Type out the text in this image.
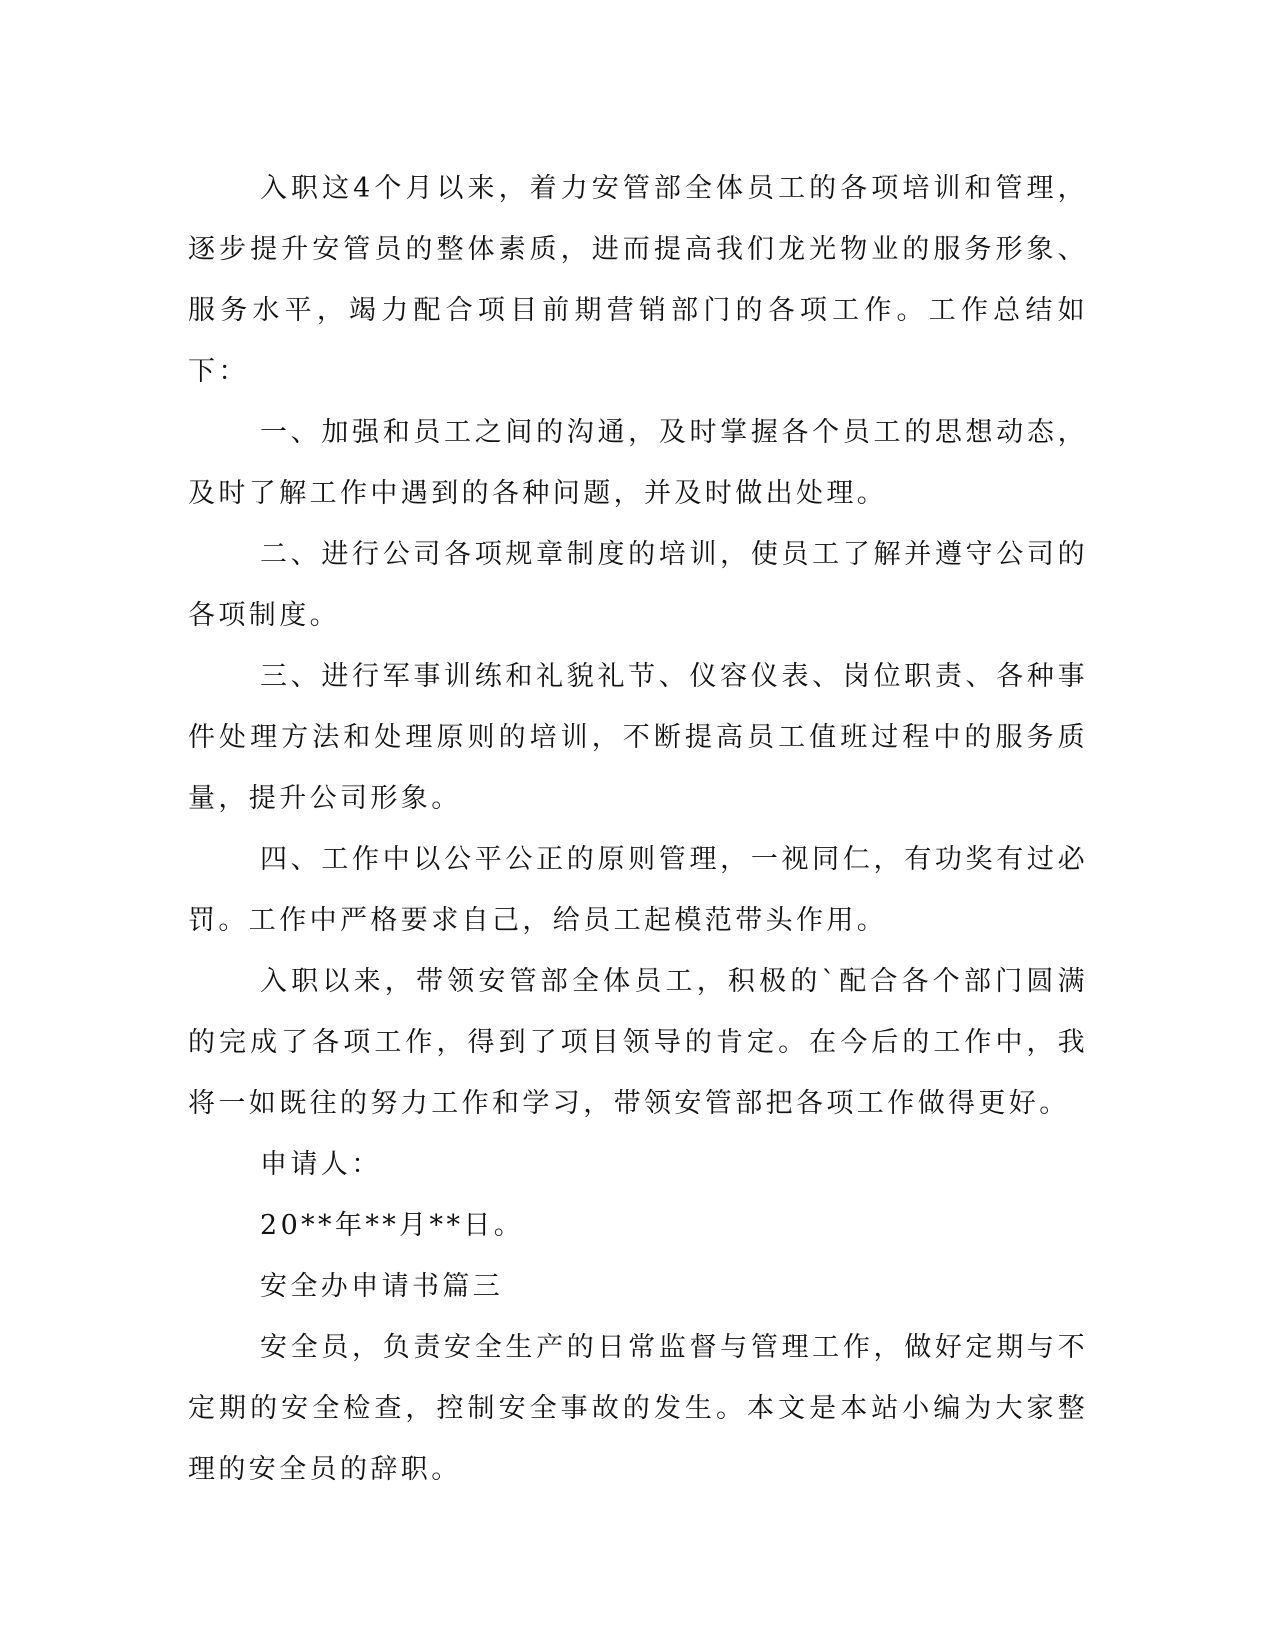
入职这4个月以来，着力安管部全体员工的各项培训和管理，逐步提升安管员的整体素质，进而提高我们龙光物业的服务形象、服务水平，竭力配合项目前期营销部门的各项工作。工作总结如下：

一、加强和员工之间的沟通，及时掌握各个员工的思想动态，及时了解工作中遇到的各种问题，并及时做出处理。

二、进行公司各项规章制度的培训，使员工了解并遵守公司的各项制度。

三、进行军事训练和礼貌礼节、仪容仪表、岗位职责、各种事件处理方法和处理原则的培训，不断提高员工值班过程中的服务质量，提升公司形象。

四、工作中以公平公正的原则管理，一视同仁，有功奖有过必罚。工作中严格要求自己，给员工起模范带头作用。

入职以来，带领安管部全体员工，积极的`配合各个部门圆满的完成了各项工作，得到了项目领导的肯定。在今后的工作中，我将一如既往的努力工作和学习，带领安管部把各项工作做得更好。

申请人：

20**年**月**日。

安全办申请书篇三

安全员，负责安全生产的日常监督与管理工作，做好定期与不定期的安全检查，控制安全事故的发生。本文是本站小编为大家整理的安全员的辞职。
